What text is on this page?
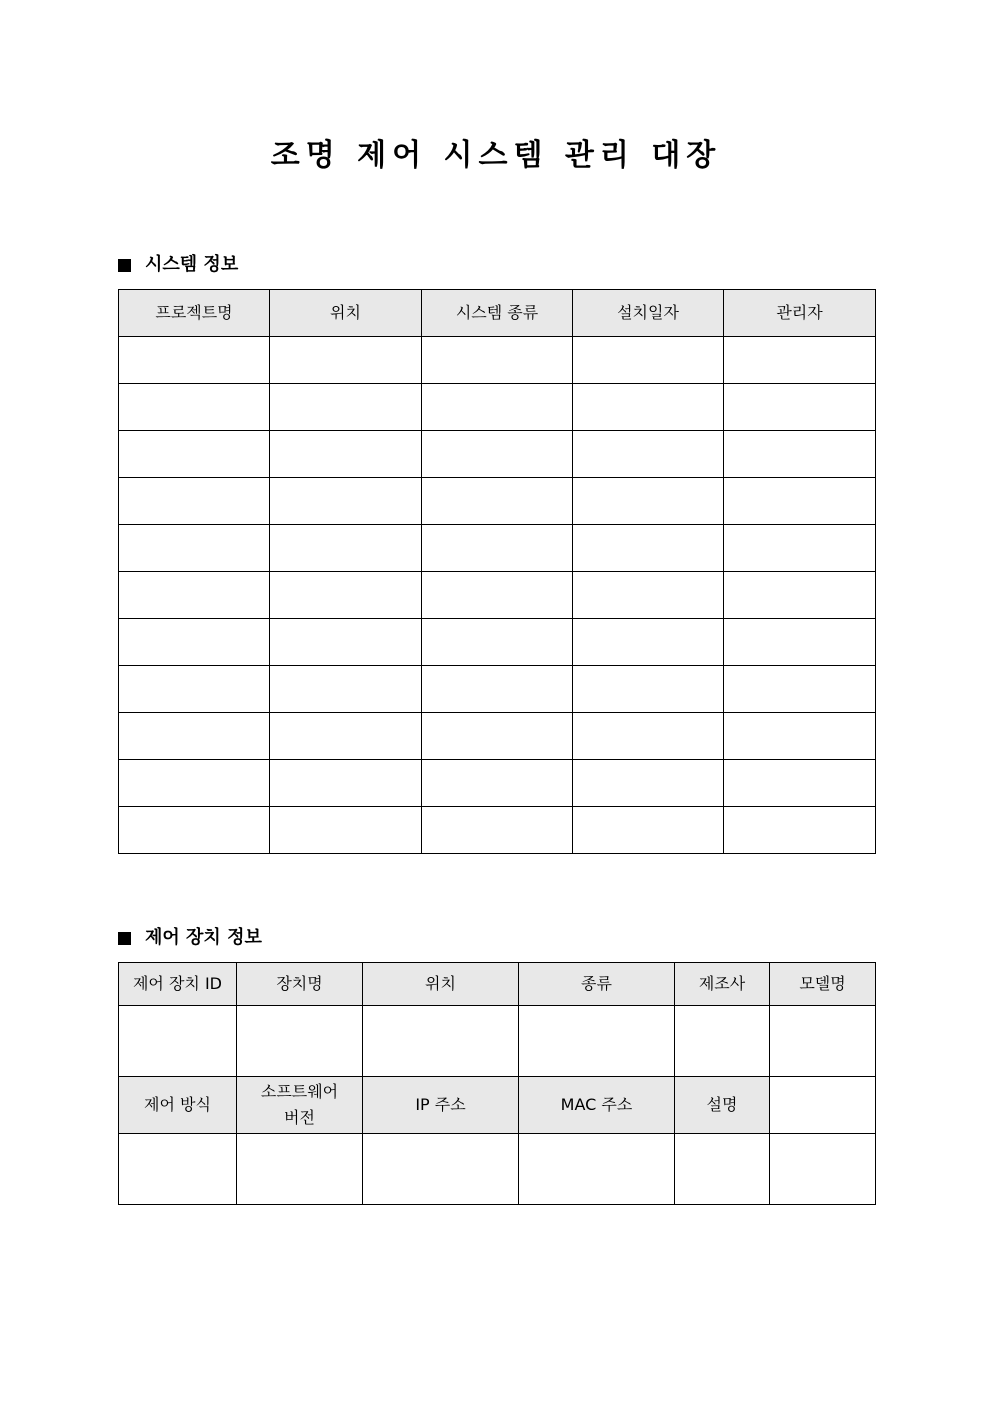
조명 제어 시스템 관리 대장
시스템 정보
프로젝트명	위치	시스템 종류	설치일자	관리자

제어 장치 정보
제어 장치 ID	장치명	위치	종류	제조사	모델명

제어 방식	소프트웨어 버전	IP 주소	MAC 주소	설명	
